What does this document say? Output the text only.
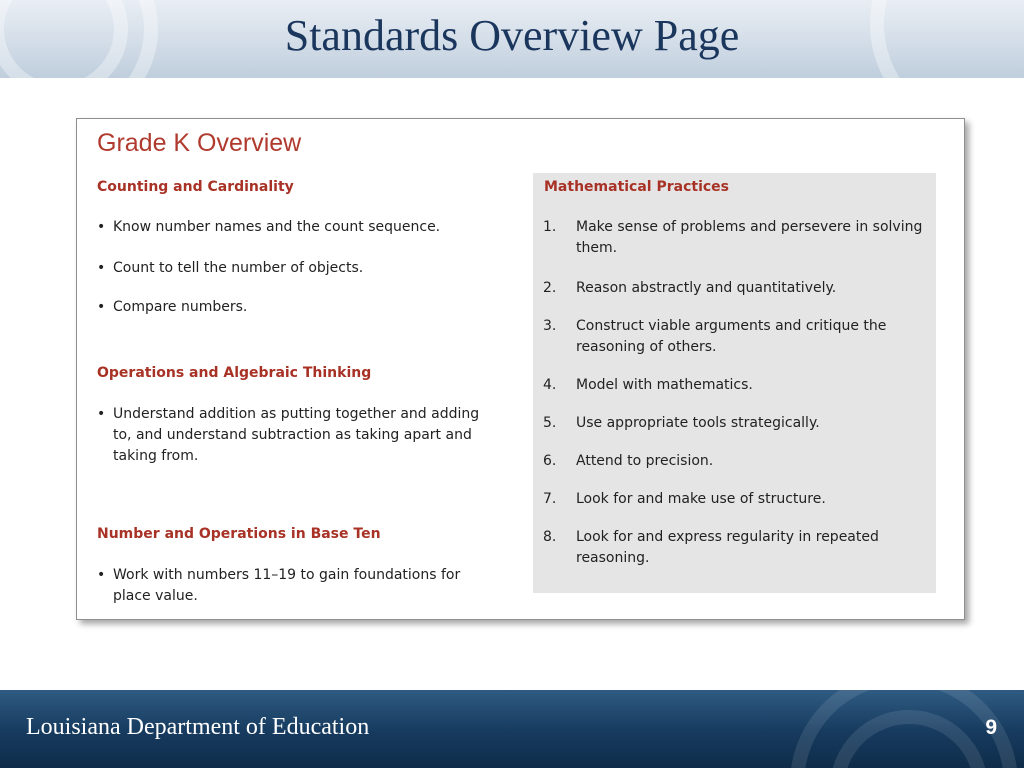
Standards Overview Page
Grade K Overview
Counting and Cardinality
• Know number names and the count sequence.
• Count to tell the number of objects.
• Compare numbers.
Operations and Algebraic Thinking
• Understand addition as putting together and adding to, and understand subtraction as taking apart and taking from.
Number and Operations in Base Ten
• Work with numbers 11–19 to gain foundations for place value.
Mathematical Practices
1.	Make sense of problems and persevere in solving them.
2.	Reason abstractly and quantitatively.
3.	Construct viable arguments and critique the reasoning of others.
4.	Model with mathematics.
5.	Use appropriate tools strategically.
6.	Attend to precision.
7.	Look for and make use of structure.
8.	Look for and express regularity in repeated reasoning.
Louisiana Department of Education	9
